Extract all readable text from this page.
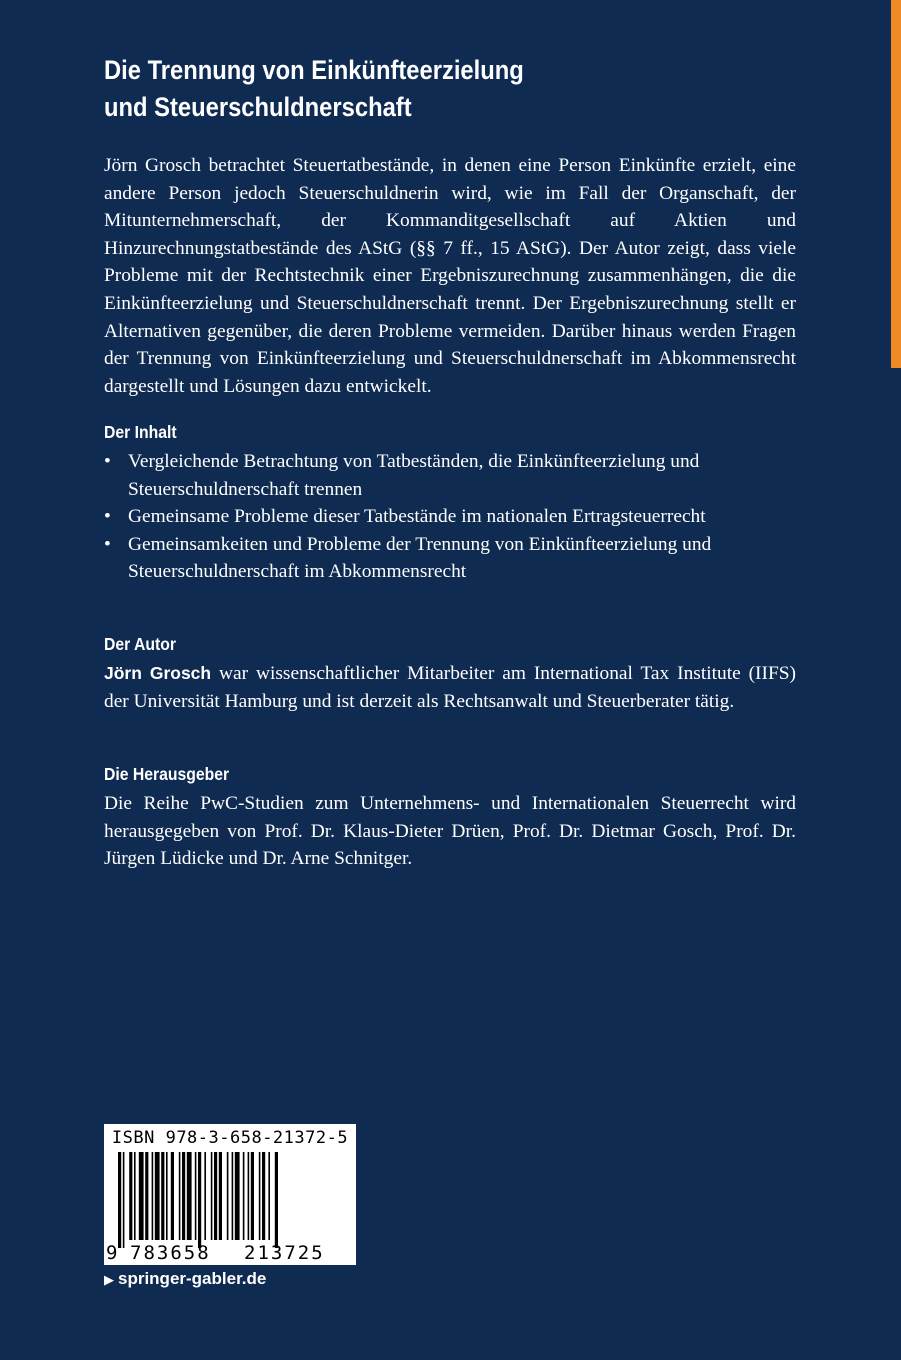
Die Trennung von Einkünfteerzielung
und Steuerschuldnerschaft

Jörn Grosch betrachtet Steuertatbestände, in denen eine Person Einkünfte erzielt, eine andere Person jedoch Steuerschuldnerin wird, wie im Fall der Organschaft, der Mitunternehmerschaft, der Kommanditgesellschaft auf Aktien und Hinzurechnungstatbestände des AStG (§§ 7 ff., 15 AStG). Der Autor zeigt, dass viele Probleme mit der Rechtstechnik einer Ergebniszurechnung zusammenhängen, die die Einkünfteerzielung und Steuerschuldnerschaft trennt. Der Ergebniszurechnung stellt er Alternativen gegenüber, die deren Probleme vermeiden. Darüber hinaus werden Fragen der Trennung von Einkünfteerzielung und Steuerschuldnerschaft im Abkommensrecht dargestellt und Lösungen dazu entwickelt.

Der Inhalt
• Vergleichende Betrachtung von Tatbeständen, die Einkünfteerzielung und Steuerschuldnerschaft trennen
• Gemeinsame Probleme dieser Tatbestände im nationalen Ertragsteuerrecht
• Gemeinsamkeiten und Probleme der Trennung von Einkünfteerzielung und Steuerschuldnerschaft im Abkommensrecht
Der Autor

Jörn Grosch war wissenschaftlicher Mitarbeiter am International Tax Institute (IIFS) der Universität Hamburg und ist derzeit als Rechtsanwalt und Steuerberater tätig.

Die Herausgeber

Die Reihe PwC-Studien zum Unternehmens- und Internationalen Steuerrecht wird herausgegeben von Prof. Dr. Klaus-Dieter Drüen, Prof. Dr. Dietmar Gosch, Prof. Dr. Jürgen Lüdicke und Dr. Arne Schnitger.

ISBN 978-3-658-21372-5
9 783658 213725
▶ springer-gabler.de
